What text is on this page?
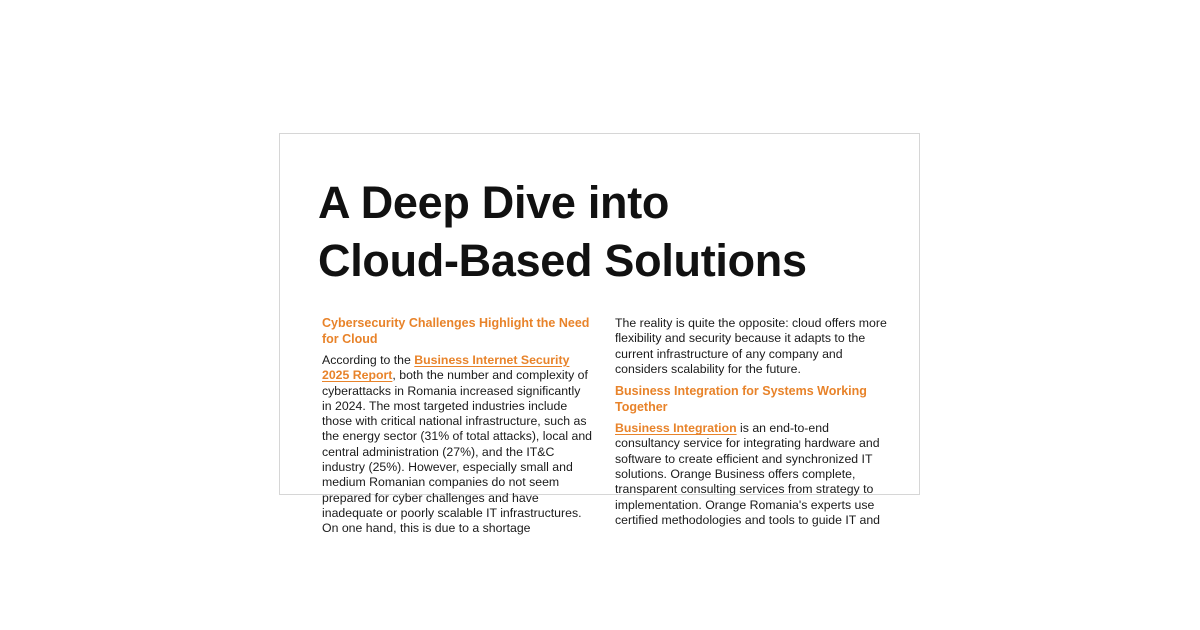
A Deep Dive into
Cloud-Based Solutions
Cybersecurity Challenges Highlight the Need for Cloud

According to the Business Internet Security 2025 Report, both the number and complexity of cyberattacks in Romania increased significantly in 2024. The most targeted industries include those with critical national infrastructure, such as the energy sector (31% of total attacks), local and central administration (27%), and the IT&C industry (25%). However, especially small and medium Romanian companies do not seem prepared for cyber challenges and have inadequate or poorly scalable IT infrastructures. On one hand, this is due to a shortage

The reality is quite the opposite: cloud offers more flexibility and security because it adapts to the current infrastructure of any company and considers scalability for the future.

Business Integration for Systems Working Together

Business Integration is an end-to-end consultancy service for integrating hardware and software to create efficient and synchronized IT solutions. Orange Business offers complete, transparent consulting services from strategy to implementation. Orange Romania's experts use certified methodologies and tools to guide IT and
